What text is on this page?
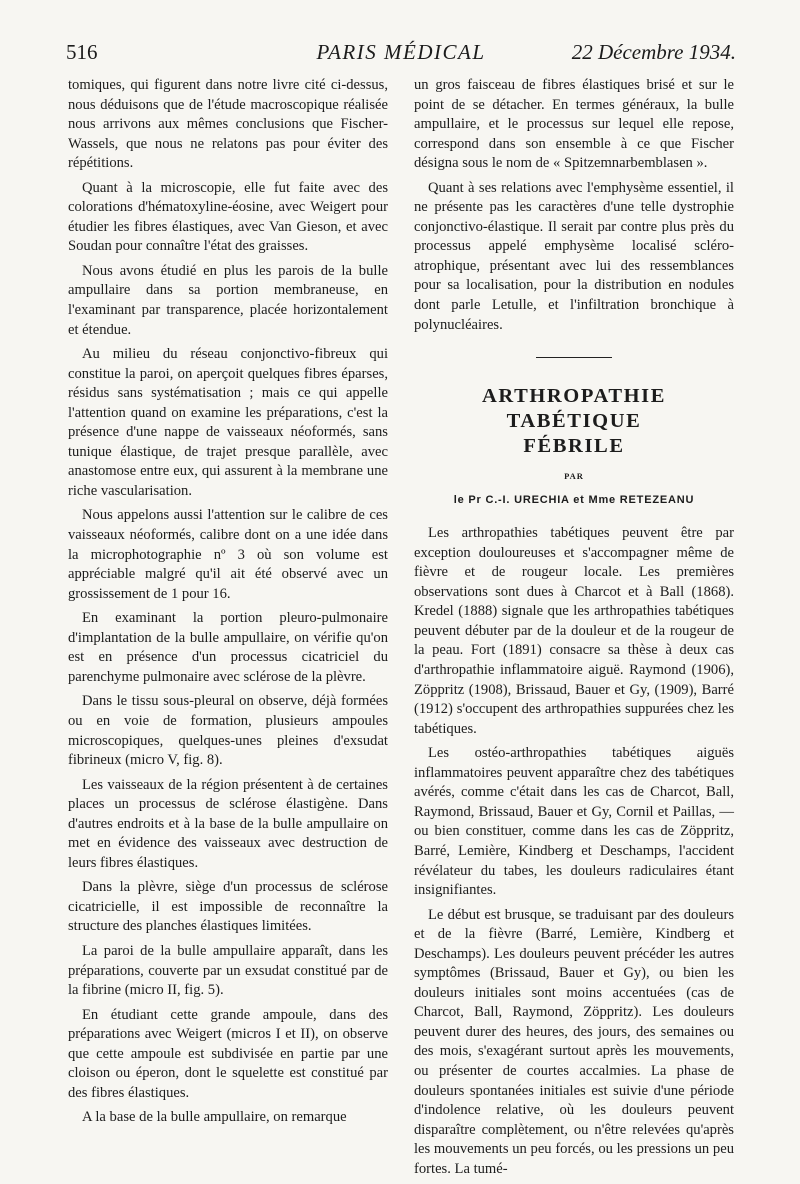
516	PARIS MÉDICAL	22 Décembre 1934.

tomiques, qui figurent dans notre livre cité ci-dessus, nous déduisons que de l'étude macroscopique réalisée nous arrivons aux mêmes conclusions que Fischer-Wassels, que nous ne relatons pas pour éviter des répétitions.

Quant à la microscopie, elle fut faite avec des colorations d'hématoxyline-éosine, avec Weigert pour étudier les fibres élastiques, avec Van Gieson, et avec Soudan pour connaître l'état des graisses.

Nous avons étudié en plus les parois de la bulle ampullaire dans sa portion membraneuse, en l'examinant par transparence, placée horizontalement et étendue.

Au milieu du réseau conjonctivo-fibreux qui constitue la paroi, on aperçoit quelques fibres éparses, résidus sans systématisation ; mais ce qui appelle l'attention quand on examine les préparations, c'est la présence d'une nappe de vaisseaux néoformés, sans tunique élastique, de trajet presque parallèle, avec anastomose entre eux, qui assurent à la membrane une riche vascularisation.

Nous appelons aussi l'attention sur le calibre de ces vaisseaux néoformés, calibre dont on a une idée dans la microphotographie nº 3 où son volume est appréciable malgré qu'il ait été observé avec un grossissement de 1 pour 16.

En examinant la portion pleuro-pulmonaire d'implantation de la bulle ampullaire, on vérifie qu'on est en présence d'un processus cicatriciel du parenchyme pulmonaire avec sclérose de la plèvre.

Dans le tissu sous-pleural on observe, déjà formées ou en voie de formation, plusieurs ampoules microscopiques, quelques-unes pleines d'exsudat fibrineux (micro V, fig. 8).

Les vaisseaux de la région présentent à de certaines places un processus de sclérose élastigène. Dans d'autres endroits et à la base de la bulle ampullaire on met en évidence des vaisseaux avec destruction de leurs fibres élastiques.

Dans la plèvre, siège d'un processus de sclérose cicatricielle, il est impossible de reconnaître la structure des planches élastiques limitées.

La paroi de la bulle ampullaire apparaît, dans les préparations, couverte par un exsudat constitué par de la fibrine (micro II, fig. 5).

En étudiant cette grande ampoule, dans des préparations avec Weigert (micros I et II), on observe que cette ampoule est subdivisée en partie par une cloison ou éperon, dont le squelette est constitué par des fibres élastiques.

A la base de la bulle ampullaire, on remarque

un gros faisceau de fibres élastiques brisé et sur le point de se détacher. En termes généraux, la bulle ampullaire, et le processus sur lequel elle repose, correspond dans son ensemble à ce que Fischer désigna sous le nom de « Spitzemnarbemblasen ».

Quant à ses relations avec l'emphysème essentiel, il ne présente pas les caractères d'une telle dystrophie conjonctivo-élastique. Il serait par contre plus près du processus appelé emphysème localisé scléro-atrophique, présentant avec lui des ressemblances pour sa localisation, pour la distribution en nodules dont parle Letulle, et l'infiltration bronchique à polynucléaires.

ARTHROPATHIE TABÉTIQUE
FÉBRILE
PAR
le Pr C.-I. URECHIA et Mme RETEZEANU

Les arthropathies tabétiques peuvent être par exception douloureuses et s'accompagner même de fièvre et de rougeur locale. Les premières observations sont dues à Charcot et à Ball (1868). Kredel (1888) signale que les arthropathies tabétiques peuvent débuter par de la douleur et de la rougeur de la peau. Fort (1891) consacre sa thèse à deux cas d'arthropathie inflammatoire aiguë. Raymond (1906), Zöppritz (1908), Brissaud, Bauer et Gy, (1909), Barré (1912) s'occupent des arthropathies suppurées chez les tabétiques.

Les ostéo-arthropathies tabétiques aiguës inflammatoires peuvent apparaître chez des tabétiques avérés, comme c'était dans les cas de Charcot, Ball, Raymond, Brissaud, Bauer et Gy, Cornil et Paillas, — ou bien constituer, comme dans les cas de Zöppritz, Barré, Lemière, Kindberg et Deschamps, l'accident révélateur du tabes, les douleurs radiculaires étant insignifiantes.

Le début est brusque, se traduisant par des douleurs et de la fièvre (Barré, Lemière, Kindberg et Deschamps). Les douleurs peuvent précéder les autres symptômes (Brissaud, Bauer et Gy), ou bien les douleurs initiales sont moins accentuées (cas de Charcot, Ball, Raymond, Zöppritz). Les douleurs peuvent durer des heures, des jours, des semaines ou des mois, s'exagérant surtout après les mouvements, ou présenter de courtes accalmies. La phase de douleurs spontanées initiales est suivie d'une période d'indolence relative, où les douleurs peuvent disparaître complètement, ou n'être relevées qu'après les mouvements un peu forcés, ou les pressions un peu fortes. La tumé-
